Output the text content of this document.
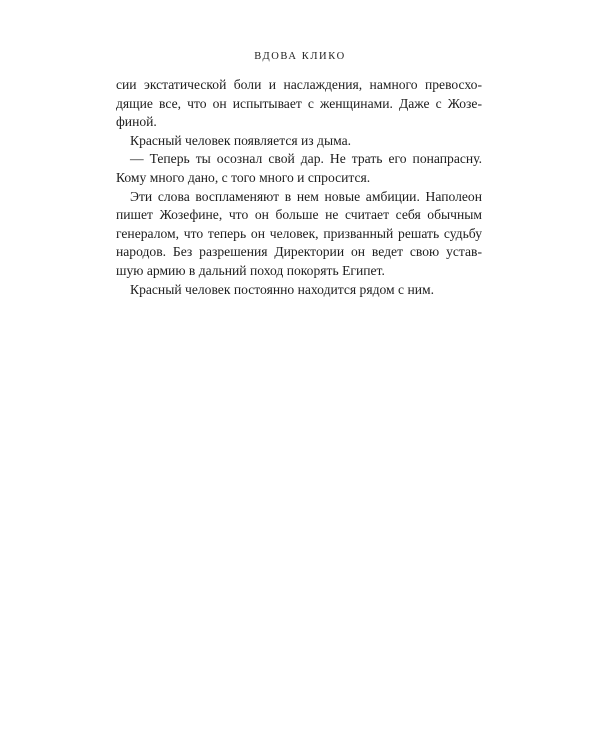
ВДОВА КЛИКО
сии экстатической боли и наслаждения, намного превосхо-
дящие все, что он испытывает с женщинами. Даже с Жозе-
финой.
Красный человек появляется из дыма.
— Теперь ты осознал свой дар. Не трать его понапрасну.
Кому много дано, с того много и спросится.
Эти слова воспламеняют в нем новые амбиции. Наполеон
пишет Жозефине, что он больше не считает себя обычным
генералом, что теперь он человек, призванный решать судьбу
народов. Без разрешения Директории он ведет свою устав-
шую армию в дальний поход покорять Египет.
Красный человек постоянно находится рядом с ним.
